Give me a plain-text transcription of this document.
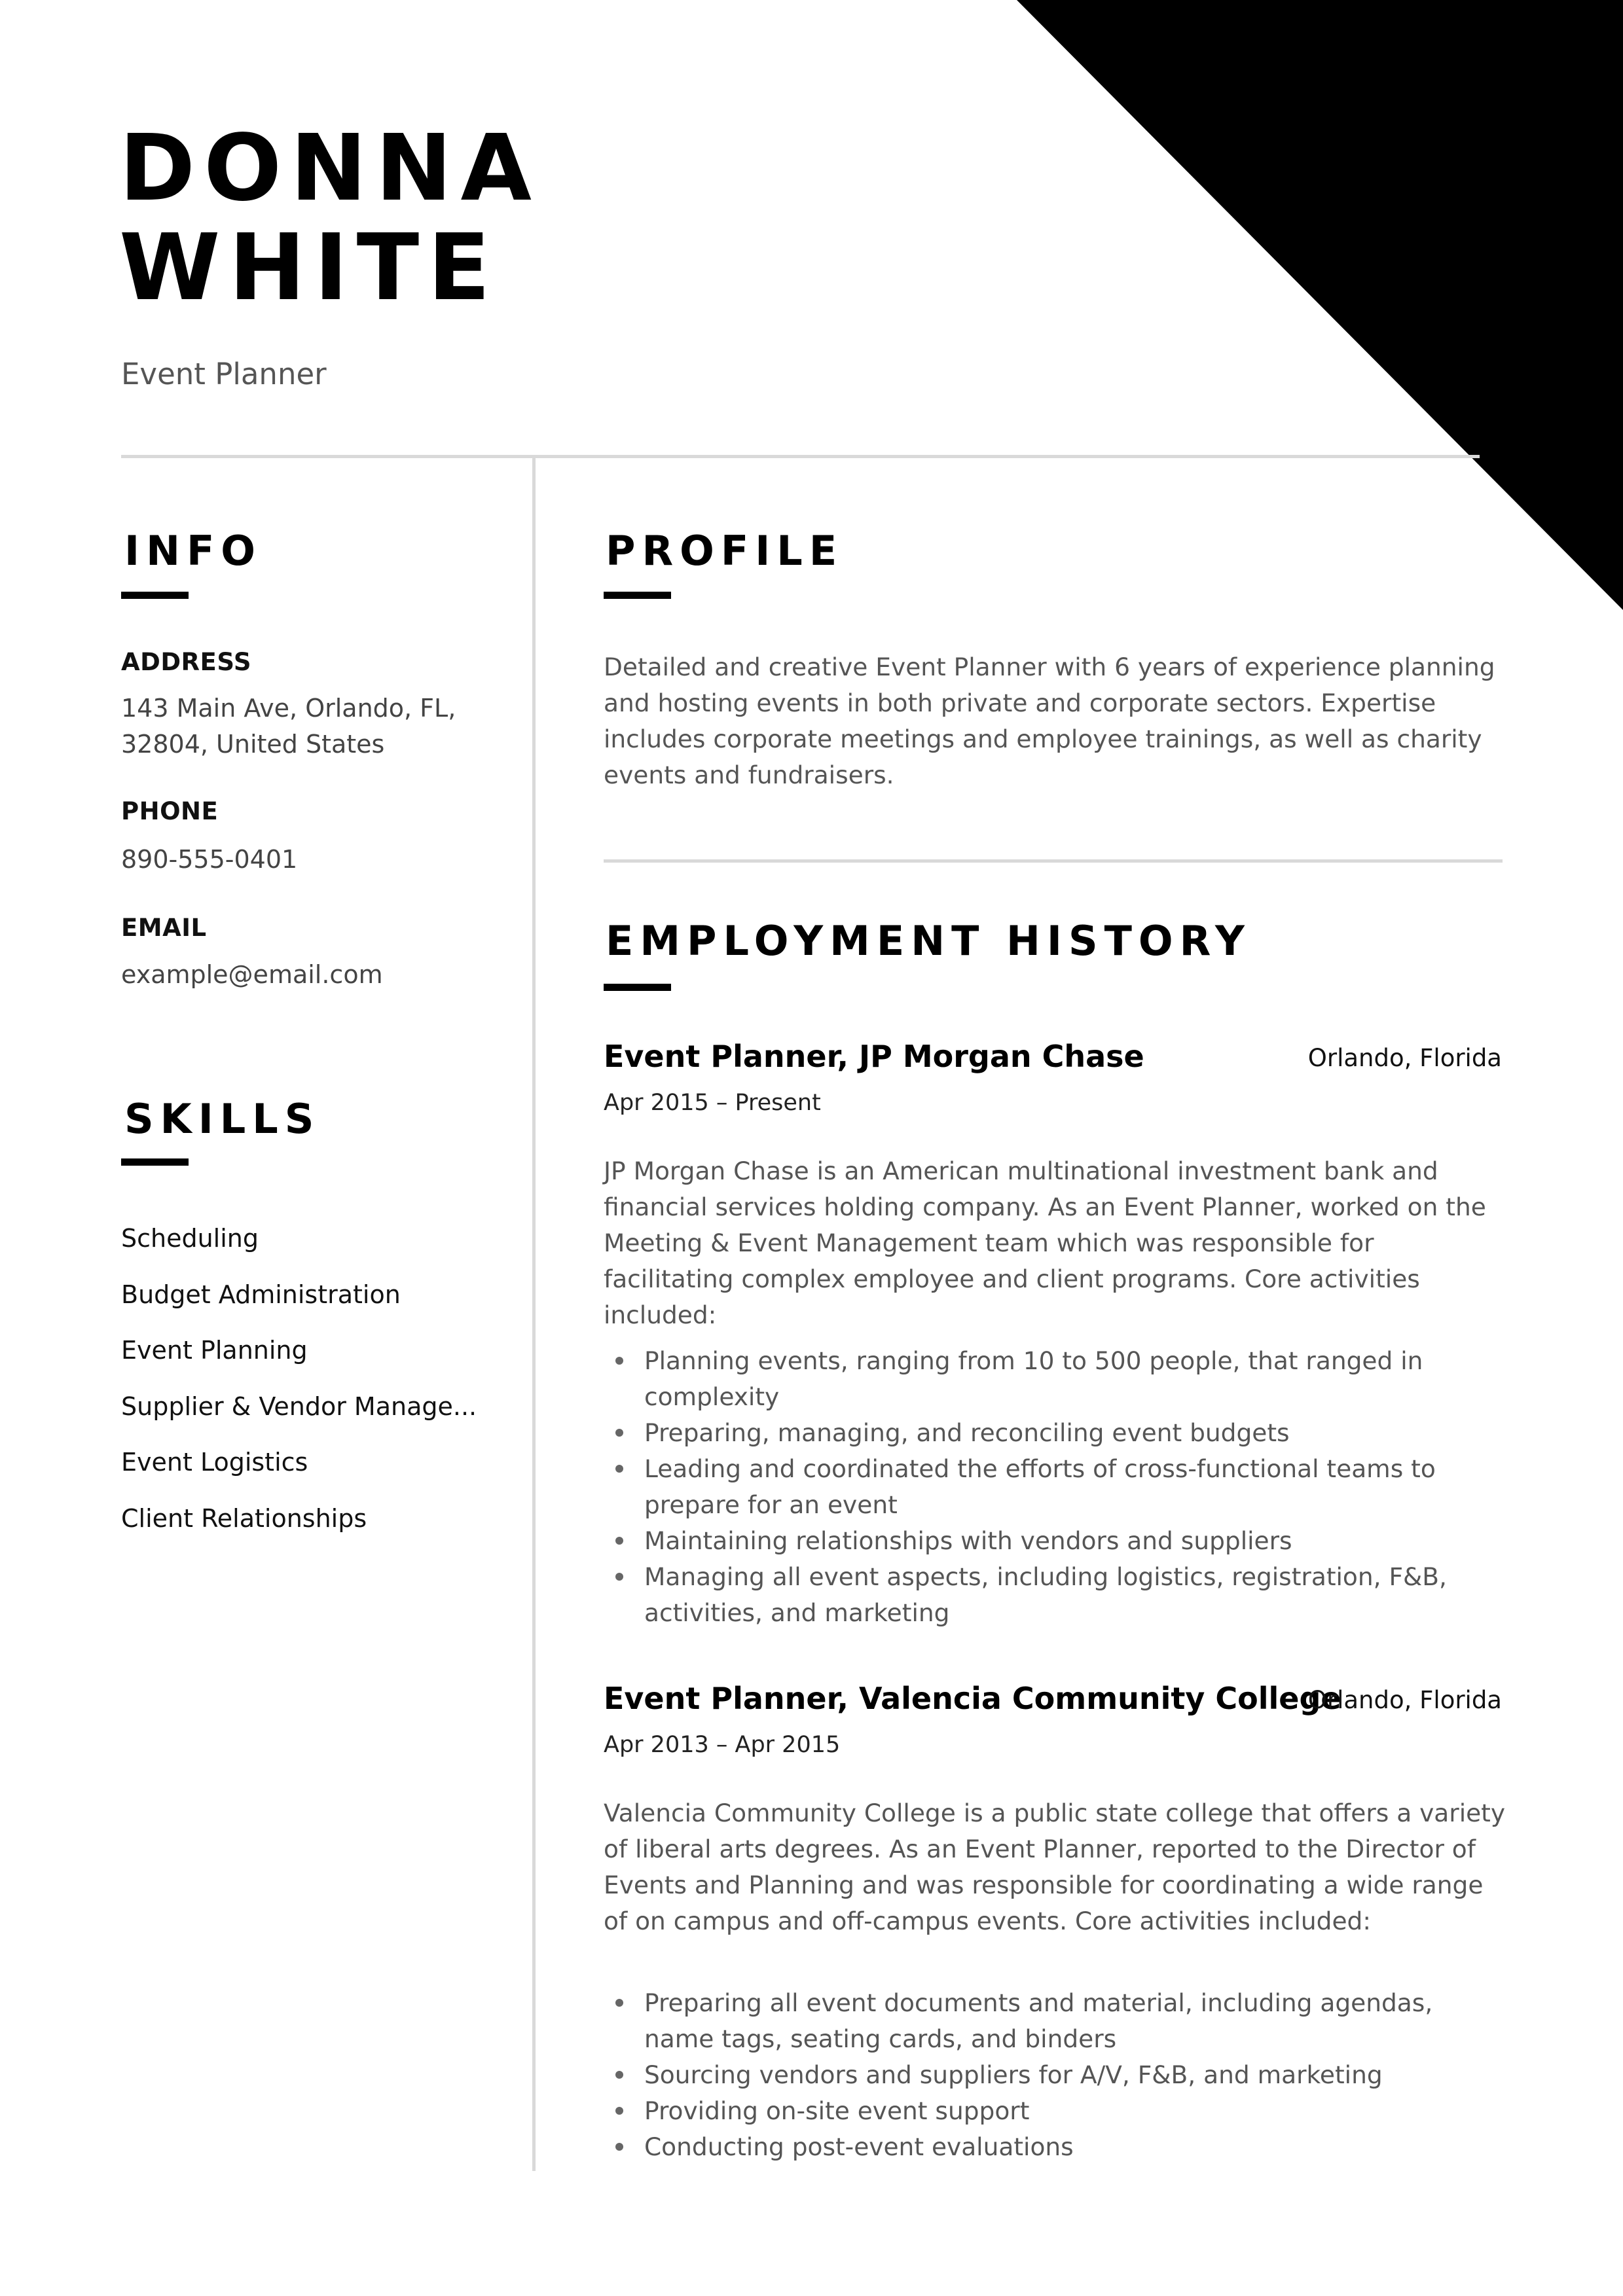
DONNA
WHITE
Event Planner
INFO
ADDRESS
143 Main Ave, Orlando, FL,
32804, United States
PHONE
890-555-0401
EMAIL
example@email.com
SKILLS
Scheduling
Budget Administration
Event Planning
Supplier & Vendor Manage...
Event Logistics
Client Relationships
PROFILE

Detailed and creative Event Planner with 6 years of experience planning and hosting events in both private and corporate sectors. Expertise includes corporate meetings and employee trainings, as well as charity events and fundraisers.

EMPLOYMENT HISTORY
Event Planner, JP Morgan Chase	Orlando, Florida
Apr 2015 – Present

JP Morgan Chase is an American multinational investment bank and financial services holding company. As an Event Planner, worked on the Meeting & Event Management team which was responsible for facilitating complex employee and client programs. Core activities included:

Planning events, ranging from 10 to 500 people, that ranged in complexity
Preparing, managing, and reconciling event budgets
Leading and coordinated the efforts of cross-functional teams to prepare for an event
Maintaining relationships with vendors and suppliers
Managing all event aspects, including logistics, registration, F&B, activities, and marketing
Event Planner, Valencia Community College
Orlando, Florida
Apr 2013 – Apr 2015

Valencia Community College is a public state college that offers a variety of liberal arts degrees. As an Event Planner, reported to the Director of Events and Planning and was responsible for coordinating a wide range of on campus and off-campus events. Core activities included:

Preparing all event documents and material, including agendas, name tags, seating cards, and binders
Sourcing vendors and suppliers for A/V, F&B, and marketing
Providing on-site event support
Conducting post-event evaluations
